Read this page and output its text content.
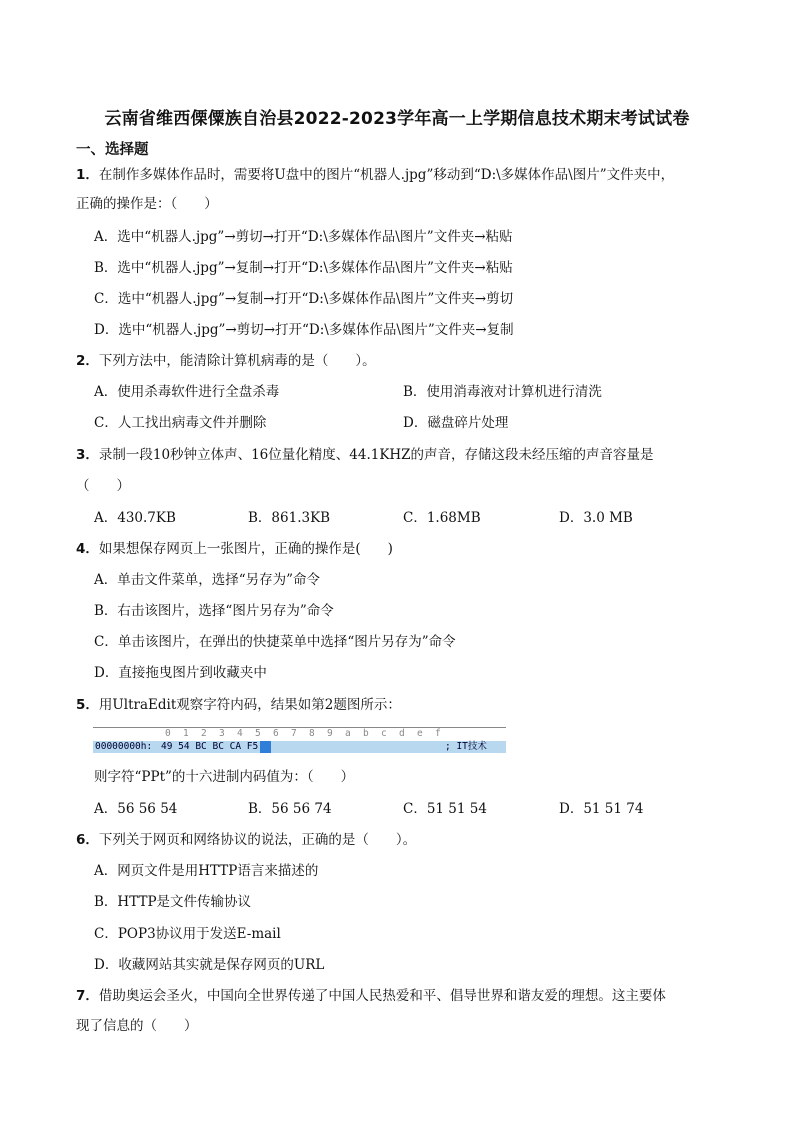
云南省维西傈僳族自治县2022-2023学年高一上学期信息技术期末考试试卷
一、选择题
1．在制作多媒体作品时，需要将U盘中的图片“机器人.jpg”移动到“D:\多媒体作品\图片”文件夹中，
正确的操作是：（　　）
A．选中“机器人.jpg”→剪切→打开“D:\多媒体作品\图片”文件夹→粘贴
B．选中“机器人.jpg”→复制→打开“D:\多媒体作品\图片”文件夹→粘贴
C．选中“机器人.jpg”→复制→打开“D:\多媒体作品\图片”文件夹→剪切
D．选中“机器人.jpg”→剪切→打开“D:\多媒体作品\图片”文件夹→复制
2．下列方法中，能清除计算机病毒的是（　　）。
A．使用杀毒软件进行全盘杀毒	B．使用消毒液对计算机进行清洗
C．人工找出病毒文件并删除	D．磁盘碎片处理
3．录制一段10秒钟立体声、16位量化精度、44.1KHZ的声音，存储这段未经压缩的声音容量是
（　　）
A．430.7KB	B．861.3KB	C．1.68MB	D．3.0 MB
4．如果想保存网页上一张图片，正确的操作是(　　)
A．单击文件菜单，选择“另存为”命令
B．右击该图片，选择“图片另存为”命令
C．单击该图片，在弹出的快捷菜单中选择“图片另存为”命令
D．直接拖曳图片到收藏夹中
5．用UltraEdit观察字符内码，结果如第2题图所示：
0 1 2 3 4 5 6 7 8 9 a b c d e f
00000000h: 49 54 BC BC CA F5	; IT技术
则字符“PPt”的十六进制内码值为：（　　）
A．56 56 54	B．56 56 74	C．51 51 54	D．51 51 74
6．下列关于网页和网络协议的说法，正确的是（　　）。
A．网页文件是用HTTP语言来描述的
B．HTTP是文件传输协议
C．POP3协议用于发送E-mail
D．收藏网站其实就是保存网页的URL
7．借助奥运会圣火，中国向全世界传递了中国人民热爱和平、倡导世界和谐友爱的理想。这主要体
现了信息的（　　）
